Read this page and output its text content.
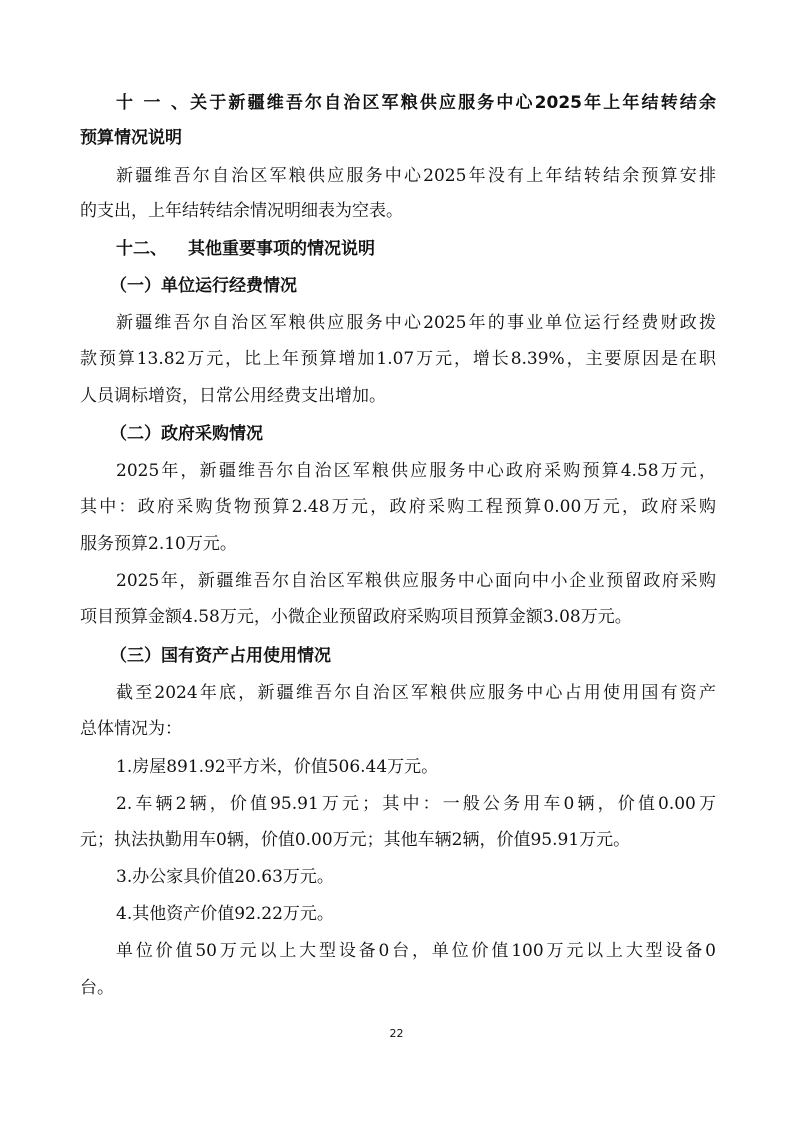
十一、关于新疆维吾尔自治区军粮供应服务中心2025年上年结转结余
预算情况说明
新疆维吾尔自治区军粮供应服务中心2025年没有上年结转结余预算安排
的支出，上年结转结余情况明细表为空表。
十二、 其他重要事项的情况说明
（一）单位运行经费情况
新疆维吾尔自治区军粮供应服务中心2025年的事业单位运行经费财政拨
款预算13.82万元，比上年预算增加1.07万元，增长8.39%，主要原因是在职
人员调标增资，日常公用经费支出增加。
（二）政府采购情况
2025年，新疆维吾尔自治区军粮供应服务中心政府采购预算4.58万元，
其中：政府采购货物预算2.48万元，政府采购工程预算0.00万元，政府采购
服务预算2.10万元。
2025年，新疆维吾尔自治区军粮供应服务中心面向中小企业预留政府采购
项目预算金额4.58万元，小微企业预留政府采购项目预算金额3.08万元。
（三）国有资产占用使用情况
截至2024年底，新疆维吾尔自治区军粮供应服务中心占用使用国有资产
总体情况为：
1.房屋891.92平方米，价值506.44万元。
2.车辆2辆，价值95.91万元；其中：一般公务用车0辆，价值0.00万
元；执法执勤用车0辆，价值0.00万元；其他车辆2辆，价值95.91万元。
3.办公家具价值20.63万元。
4.其他资产价值92.22万元。
单位价值50万元以上大型设备0台，单位价值100万元以上大型设备0
台。
22
